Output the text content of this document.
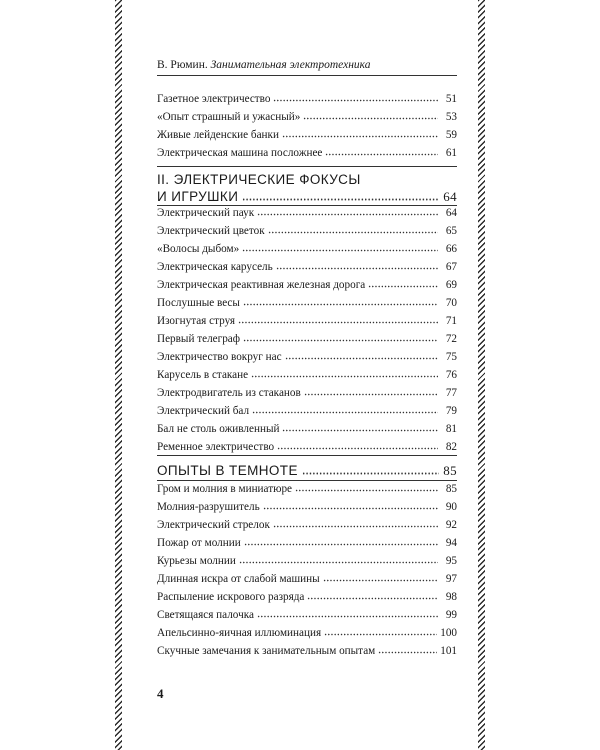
В. Рюмин. Занимательная электротехника
Газетное электричество	51
«Опыт страшный и ужасный»	53
Живые лейденские банки	59
Электрическая машина посложнее	61
II. ЭЛЕКТРИЧЕСКИЕ ФОКУСЫ
И ИГРУШКИ	64
Электрический паук	64
Электрический цветок	65
«Волосы дыбом»	66
Электрическая карусель	67
Электрическая реактивная железная дорога	69
Послушные весы	70
Изогнутая струя	71
Первый телеграф	72
Электричество вокруг нас	75
Карусель в стакане	76
Электродвигатель из стаканов	77
Электрический бал	79
Бал не столь оживленный	81
Ременное электричество	82
ОПЫТЫ В ТЕМНОТЕ	85
Гром и молния в миниатюре	85
Молния-разрушитель	90
Электрический стрелок	92
Пожар от молнии	94
Курьезы молнии	95
Длинная искра от слабой машины	97
Распыление искрового разряда	98
Светящаяся палочка	99
Апельсинно-яичная иллюминация	100
Скучные замечания к занимательным опытам	101
4
